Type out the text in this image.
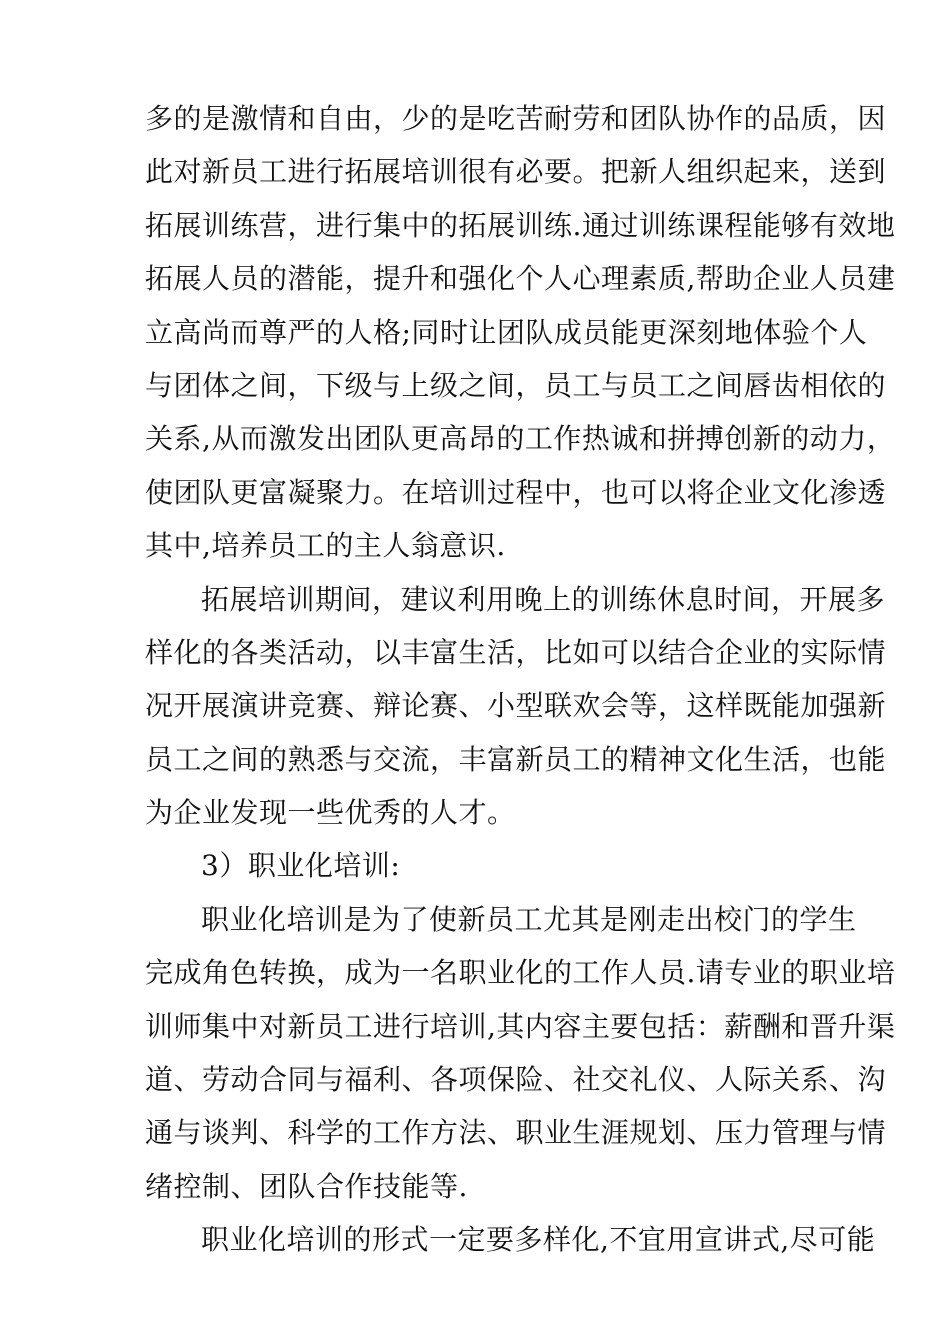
多的是激情和自由，少的是吃苦耐劳和团队协作的品质，因
此对新员工进行拓展培训很有必要。把新人组织起来，送到
拓展训练营，进行集中的拓展训练.通过训练课程能够有效地
拓展人员的潜能，提升和强化个人心理素质,帮助企业人员建
立高尚而尊严的人格;同时让团队成员能更深刻地体验个人
与团体之间，下级与上级之间，员工与员工之间唇齿相依的
关系,从而激发出团队更高昂的工作热诚和拼搏创新的动力，
使团队更富凝聚力。在培训过程中，也可以将企业文化渗透
其中,培养员工的主人翁意识.
拓展培训期间，建议利用晚上的训练休息时间，开展多
样化的各类活动，以丰富生活，比如可以结合企业的实际情
况开展演讲竞赛、辩论赛、小型联欢会等，这样既能加强新
员工之间的熟悉与交流，丰富新员工的精神文化生活，也能
为企业发现一些优秀的人才。
3）职业化培训:
职业化培训是为了使新员工尤其是刚走出校门的学生
完成角色转换，成为一名职业化的工作人员.请专业的职业培
训师集中对新员工进行培训,其内容主要包括：薪酬和晋升渠
道、劳动合同与福利、各项保险、社交礼仪、人际关系、沟
通与谈判、科学的工作方法、职业生涯规划、压力管理与情
绪控制、团队合作技能等.
职业化培训的形式一定要多样化,不宜用宣讲式,尽可能
